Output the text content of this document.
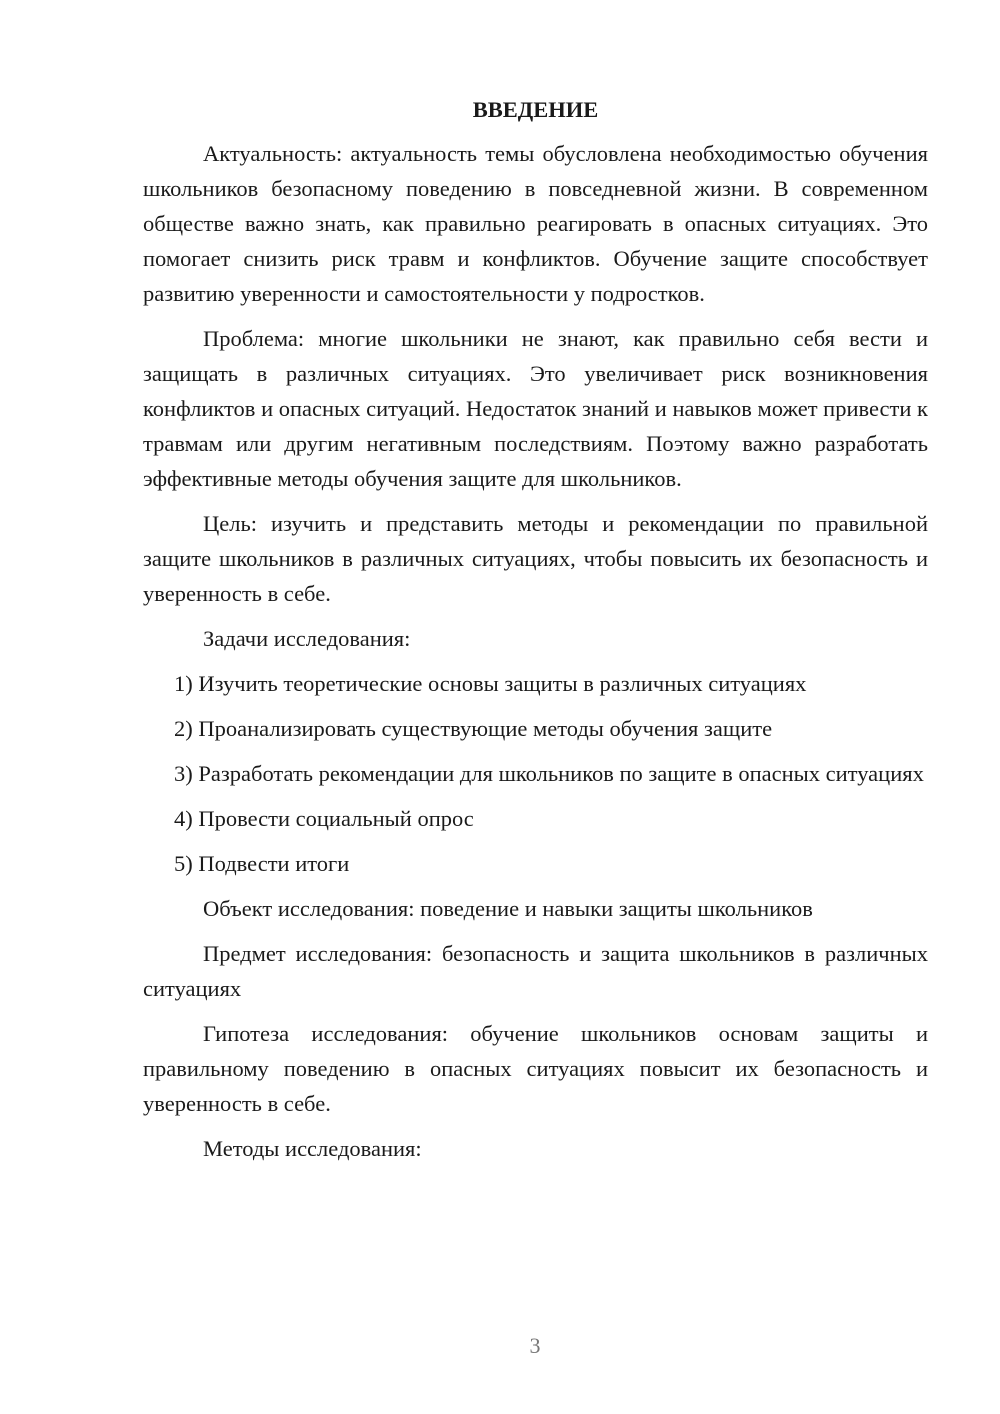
ВВЕДЕНИЕ
Актуальность: актуальность темы обусловлена необходимостью обучения школьников безопасному поведению в повседневной жизни. В современном обществе важно знать, как правильно реагировать в опасных ситуациях. Это помогает снизить риск травм и конфликтов. Обучение защите способствует развитию уверенности и самостоятельности у подростков.
Проблема: многие школьники не знают, как правильно себя вести и защищать в различных ситуациях. Это увеличивает риск возникновения конфликтов и опасных ситуаций. Недостаток знаний и навыков может привести к травмам или другим негативным последствиям. Поэтому важно разработать эффективные методы обучения защите для школьников.
Цель: изучить и представить методы и рекомендации по правильной защите школьников в различных ситуациях, чтобы повысить их безопасность и уверенность в себе.
Задачи исследования:
1) Изучить теоретические основы защиты в различных ситуациях
2) Проанализировать существующие методы обучения защите
3) Разработать рекомендации для школьников по защите в опасных ситуациях
4) Провести социальный опрос
5) Подвести итоги
Объект исследования: поведение и навыки защиты школьников
Предмет исследования: безопасность и защита школьников в различных ситуациях
Гипотеза исследования: обучение школьников основам защиты и правильному поведению в опасных ситуациях повысит их безопасность и уверенность в себе.
Методы исследования:
3
